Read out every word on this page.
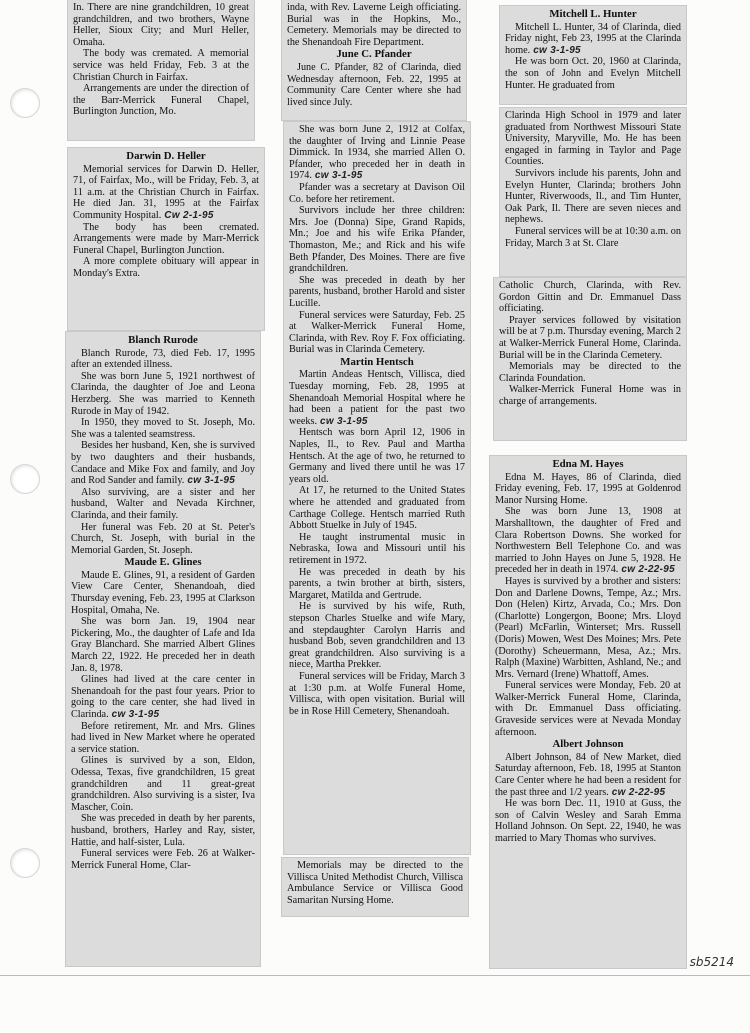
In. There are nine grandchildren, 10 great grandchildren, and two brothers, Wayne Heller, Sioux City; and Murl Heller, Omaha.

The body was cremated. A memorial service was held Friday, Feb. 3 at the Christian Church in Fairfax.

Arrangements are under the direction of the Barr-Merrick Funeral Chapel, Burlington Junction, Mo.

Darwin D. Heller

Memorial services for Darwin D. Heller, 71, of Fairfax, Mo., will be Friday, Feb. 3, at 11 a.m. at the Christian Church in Fairfax. He died Jan. 31, 1995 at the Fairfax Community Hospital. Cw 2-1-95

The body has been cremated. Arrangements were made by Marr-Merrick Funeral Chapel, Burlington Junction.

A more complete obituary will appear in Monday's Extra.

Blanch Rurode

Blanch Rurode, 73, died Feb. 17, 1995 after an extended illness.

She was born June 5, 1921 northwest of Clarinda, the daughter of Joe and Leona Herzberg. She was married to Kenneth Rurode in May of 1942.

In 1950, they moved to St. Joseph, Mo. She was a talented seamstress.

Besides her husband, Ken, she is survived by two daughters and their husbands, Candace and Mike Fox and family, and Joy and Rod Sander and family. cw 3-1-95

Also surviving, are a sister and her husband, Walter and Nevada Kirchner, Clarinda, and their family.

Her funeral was Feb. 20 at St. Peter's Church, St. Joseph, with burial in the Memorial Garden, St. Joseph.

Maude E. Glines

Maude E. Glines, 91, a resident of Garden View Care Center, Shenandoah, died Thursday evening, Feb. 23, 1995 at Clarkson Hospital, Omaha, Ne.

She was born Jan. 19, 1904 near Pickering, Mo., the daughter of Lafe and Ida Gray Blanchard. She married Albert Glines March 22, 1922. He preceded her in death Jan. 8, 1978.

Glines had lived at the care center in Shenandoah for the past four years. Prior to going to the care center, she had lived in Clarinda. cw 3-1-95

Before retirement, Mr. and Mrs. Glines had lived in New Market where he operated a service station.

Glines is survived by a son, Eldon, Odessa, Texas, five grandchildren, 15 great grandchildren and 11 great-great grandchildren. Also surviving is a sister, Iva Mascher, Coin.

She was preceded in death by her parents, husband, brothers, Harley and Ray, sister, Hattie, and half-sister, Lula.

Funeral services were Feb. 26 at Walker-Merrick Funeral Home, Clar-

inda, with Rev. Laverne Leigh officiating. Burial was in the Hopkins, Mo., Cemetery. Memorials may be directed to the Shenandoah Fire Department.

June C. Pfander

June C. Pfander, 82 of Clarinda, died Wednesday afternoon, Feb. 22, 1995 at Community Care Center where she had lived since July.

She was born June 2, 1912 at Colfax, the daughter of Irving and Linnie Pease Dimmick. In 1934, she married Allen O. Pfander, who preceded her in death in 1974. cw 3-1-95

Pfander was a secretary at Davison Oil Co. before her retirement.

Survivors include her three children: Mrs. Joe (Donna) Sipe, Grand Rapids, Mn.; Joe and his wife Erika Pfander, Thomaston, Me.; and Rick and his wife Beth Pfander, Des Moines. There are five grandchildren.

She was preceded in death by her parents, husband, brother Harold and sister Lucille.

Funeral services were Saturday, Feb. 25 at Walker-Merrick Funeral Home, Clarinda, with Rev. Roy F. Fox officiating. Burial was in Clarinda Cemetery.

Martin Hentsch

Martin Andeas Hentsch, Villisca, died Tuesday morning, Feb. 28, 1995 at Shenandoah Memorial Hospital where he had been a patient for the past two weeks. cw 3-1-95

Hentsch was born April 12, 1906 in Naples, Il., to Rev. Paul and Martha Hentsch. At the age of two, he returned to Germany and lived there until he was 17 years old.

At 17, he returned to the United States where he attended and graduated from Carthage College. Hentsch married Ruth Abbott Stuelke in July of 1945.

He taught instrumental music in Nebraska, Iowa and Missouri until his retirement in 1972.

He was preceded in death by his parents, a twin brother at birth, sisters, Margaret, Matilda and Gertrude.

He is survived by his wife, Ruth, stepson Charles Stuelke and wife Mary, and stepdaughter Carolyn Harris and husband Bob, seven grandchildren and 13 great grandchildren. Also surviving is a niece, Martha Prekker.

Funeral services will be Friday, March 3 at 1:30 p.m. at Wolfe Funeral Home, Villisca, with open visitation. Burial will be in Rose Hill Cemetery, Shenandoah.

Memorials may be directed to the Villisca United Methodist Church, Villisca Ambulance Service or Villisca Good Samaritan Nursing Home.

Mitchell L. Hunter

Mitchell L. Hunter, 34 of Clarinda, died Friday night, Feb 23, 1995 at the Clarinda home. cw 3-1-95

He was born Oct. 20, 1960 at Clarinda, the son of John and Evelyn Mitchell Hunter. He graduated from

Clarinda High School in 1979 and later graduated from Northwest Missouri State University, Maryville, Mo. He has been engaged in farming in Taylor and Page Counties.

Survivors include his parents, John and Evelyn Hunter, Clarinda; brothers John Hunter, Riverwoods, Il., and Tim Hunter, Oak Park, Il. There are seven nieces and nephews.

Funeral services will be at 10:30 a.m. on Friday, March 3 at St. Clare

Catholic Church, Clarinda, with Rev. Gordon Gittin and Dr. Emmanuel Dass officiating.

Prayer services followed by visitation will be at 7 p.m. Thursday evening, March 2 at Walker-Merrick Funeral Home, Clarinda. Burial will be in the Clarinda Cemetery.

Memorials may be directed to the Clarinda Foundation.

Walker-Merrick Funeral Home was in charge of arrangements.

Edna M. Hayes

Edna M. Hayes, 86 of Clarinda, died Friday evening, Feb. 17, 1995 at Goldenrod Manor Nursing Home.

She was born June 13, 1908 at Marshalltown, the daughter of Fred and Clara Robertson Downs. She worked for Northwestern Bell Telephone Co. and was married to John Hayes on June 5, 1928. He preceded her in death in 1974. cw 2-22-95

Hayes is survived by a brother and sisters: Don and Darlene Downs, Tempe, Az.; Mrs. Don (Helen) Kirtz, Arvada, Co.; Mrs. Don (Charlotte) Longergon, Boone; Mrs. Lloyd (Pearl) McFarlin, Winterset; Mrs. Russell (Doris) Mowen, West Des Moines; Mrs. Pete (Dorothy) Scheuermann, Mesa, Az.; Mrs. Ralph (Maxine) Warbitten, Ashland, Ne.; and Mrs. Vernard (Irene) Whattoff, Ames.

Funeral services were Monday, Feb. 20 at Walker-Merrick Funeral Home, Clarinda, with Dr. Emmanuel Dass officiating. Graveside services were at Nevada Monday afternoon.

Albert Johnson

Albert Johnson, 84 of New Market, died Saturday afternoon, Feb. 18, 1995 at Stanton Care Center where he had been a resident for the past three and 1/2 years. cw 2-22-95

He was born Dec. 11, 1910 at Guss, the son of Calvin Wesley and Sarah Emma Holland Johnson. On Sept. 22, 1940, he was married to Mary Thomas who survives.

sb5214
